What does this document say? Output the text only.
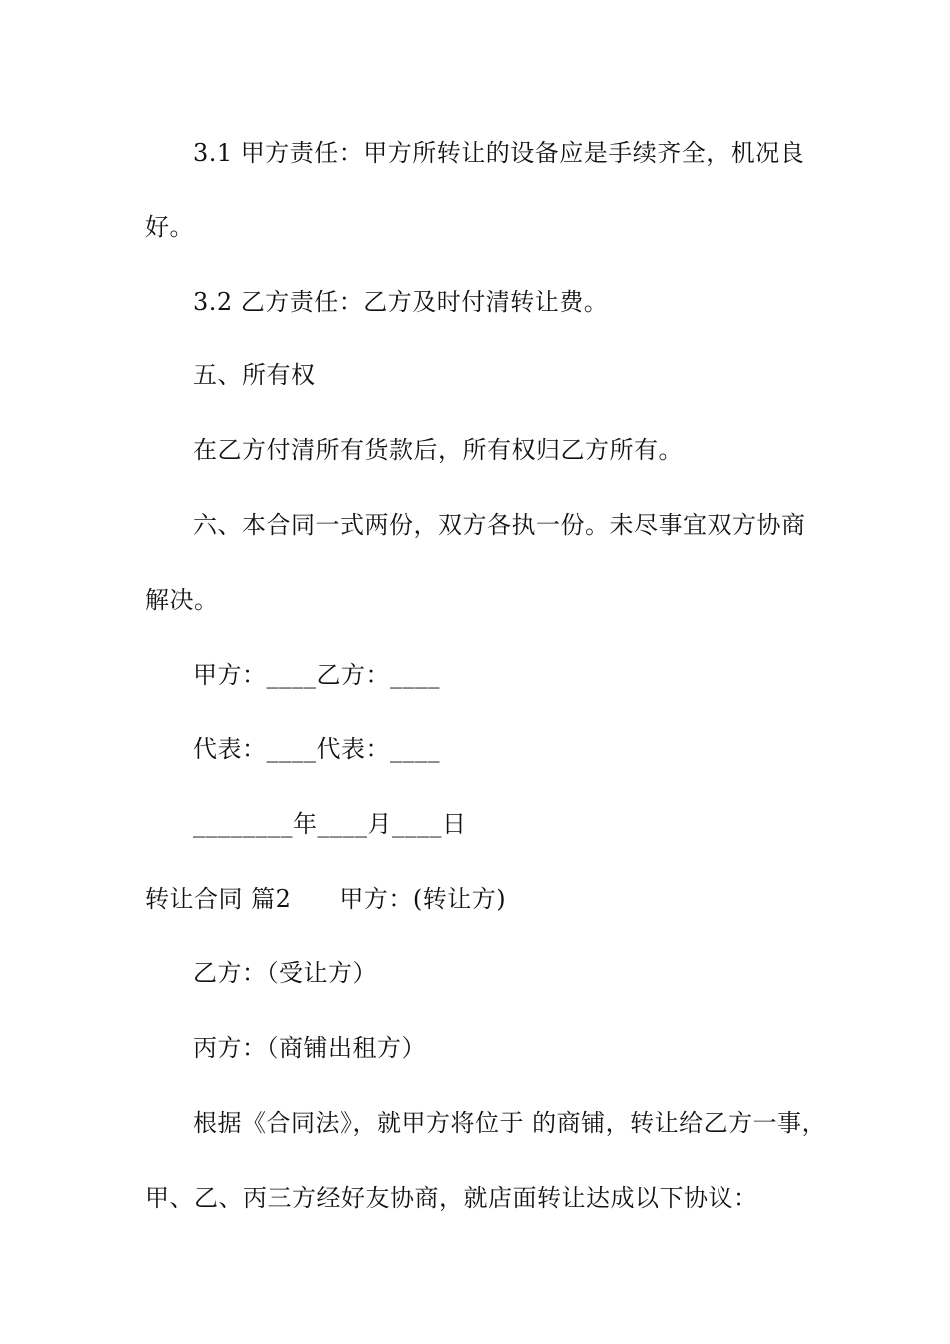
3.1 甲方责任：甲方所转让的设备应是手续齐全，机况良
好。
3.2 乙方责任：乙方及时付清转让费。
五、所有权
在乙方付清所有货款后，所有权归乙方所有。
六、本合同一式两份，双方各执一份。未尽事宜双方协商
解决。
甲方：____乙方：____
代表：____代表：____
________年____月____日
转让合同 篇2 甲方：(转让方)
乙方：（受让方）
丙方：（商铺出租方）
根据《合同法》，就甲方将位于 的商铺，转让给乙方一事，
甲、乙、丙三方经好友协商，就店面转让达成以下协议：
